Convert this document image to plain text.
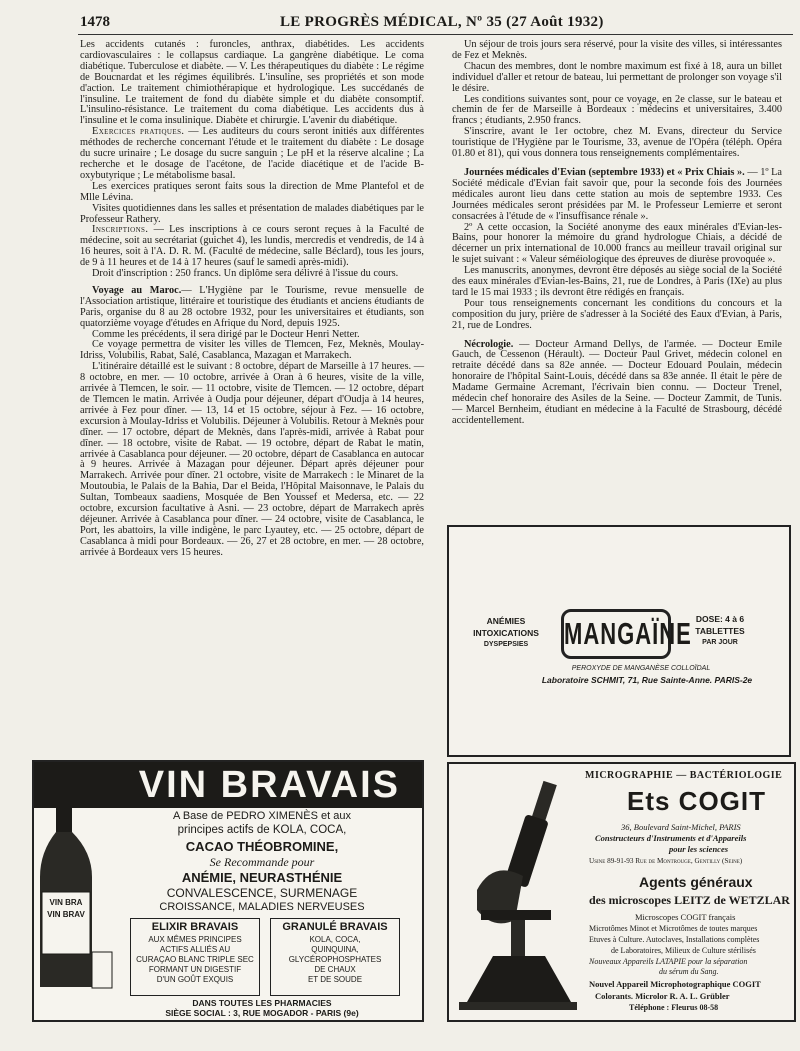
1478	LE PROGRÈS MÉDICAL, Nº 35 (27 Août 1932)

Les accidents cutanés : furoncles, anthrax, diabétides. Les accidents cardiovasculaires : le collapsus cardiaque. La gangrène diabétique. Le coma diabétique. Tuberculose et diabète. — V. Les thérapeutiques du diabète : Le régime de Boucnardat et les régimes équilibrés. L'insuline, ses propriétés et son mode d'action. Le traitement chimiothérapique et hydrologique. Les succédanés de l'insuline. Le traitement de fond du diabète simple et du diabète consomptif. L'insulino-résistance. Le traitement du coma diabétique. Les accidents dus à l'insuline et le coma insulinique. Diabète et chirurgie. L'avenir du diabétique.

Exercices pratiques. — Les auditeurs du cours seront initiés aux différentes méthodes de recherche concernant l'étude et le traitement du diabète : Le dosage du sucre urinaire ; Le dosage du sucre sanguin ; Le pH et la réserve alcaline ; La recherche et le dosage de l'acétone, de l'acide diacétique et de l'acide B-oxybutyrique ; Le métabolisme basal.

Les exercices pratiques seront faits sous la direction de Mme Plantefol et de Mlle Lévina.

Visites quotidiennes dans les salles et présentation de malades diabétiques par le Professeur Rathery.

Inscriptions. — Les inscriptions à ce cours seront reçues à la Faculté de médecine, soit au secrétariat (guichet 4), les lundis, mercredis et vendredis, de 14 à 16 heures, soit à l'A. D. R. M. (Faculté de médecine, salle Béclard), tous les jours, de 9 à 11 heures et de 14 à 17 heures (sauf le samedi après-midi).

Droit d'inscription : 250 francs. Un diplôme sera délivré à l'issue du cours.

Voyage au Maroc.— L'Hygiène par le Tourisme, revue mensuelle de l'Association artistique, littéraire et touristique des étudiants et anciens étudiants de Paris, organise du 8 au 28 octobre 1932, pour les universitaires et étudiants, son quatorzième voyage d'études en Afrique du Nord, depuis 1925.

Comme les précédents, il sera dirigé par le Docteur Henri Netter.

Ce voyage permettra de visiter les villes de Tlemcen, Fez, Meknès, Moulay-Idriss, Volubilis, Rabat, Salé, Casablanca, Mazagan et Marrakech.

L'itinéraire détaillé est le suivant : 8 octobre, départ de Marseille à 17 heures. — 8 octobre, en mer. — 10 octobre, arrivée à Oran à 6 heures, visite de la ville, arrivée à Tlemcen, le soir. — 11 octobre, visite de Tlemcen. — 12 octobre, départ de Tlemcen le matin. Arrivée à Oudja pour déjeuner, départ d'Oudja à 14 heures, arrivée à Fez pour dîner. — 13, 14 et 15 octobre, séjour à Fez. — 16 octobre, excursion à Moulay-Idriss et Volubilis. Déjeuner à Volubilis. Retour à Meknès pour dîner. — 17 octobre, départ de Meknès, dans l'après-midi, arrivée à Rabat pour dîner. — 18 octobre, visite de Rabat. — 19 octobre, départ de Rabat le matin, arrivée à Casablanca pour déjeuner. — 20 octobre, départ de Casablanca en autocar à 9 heures. Arrivée à Mazagan pour déjeuner. Départ après déjeuner pour Marrakech. Arrivée pour dîner. 21 octobre, visite de Marrakech : le Minaret de la Moutoubia, le Palais de la Bahia, Dar el Beida, l'Hôpital Maisonnave, le Palais du Sultan, Tombeaux saadiens, Mosquée de Ben Youssef et Medersa, etc. — 22 octobre, excursion facultative à Asni. — 23 octobre, départ de Marrakech après déjeuner. Arrivée à Casablanca pour dîner. — 24 octobre, visite de Casablanca, le Port, les abattoirs, la ville indigène, le parc Lyautey, etc. — 25 octobre, départ de Casablanca à midi pour Bordeaux. — 26, 27 et 28 octobre, en mer. — 28 octobre, arrivée à Bordeaux vers 15 heures.

Un séjour de trois jours sera réservé, pour la visite des villes, si intéressantes de Fez et Meknès.

Chacun des membres, dont le nombre maximum est fixé à 18, aura un billet individuel d'aller et retour de bateau, lui permettant de prolonger son voyage s'il le désire.

Les conditions suivantes sont, pour ce voyage, en 2e classe, sur le bateau et chemin de fer de Marseille à Bordeaux : médecins et universitaires, 3.400 francs ; étudiants, 2.950 francs.

S'inscrire, avant le 1er octobre, chez M. Evans, directeur du Service touristique de l'Hygiène par le Tourisme, 33, avenue de l'Opéra (téléph. Opéra 01.80 et 81), qui vous donnera tous renseignements complémentaires.

Journées médicales d'Evian (septembre 1933) et « Prix Chiais ». — 1º La Société médicale d'Evian fait savoir que, pour la seconde fois des Journées médicales auront lieu dans cette station au mois de septembre 1933. Ces Journées médicales seront présidées par M. le Professeur Lemierre et seront consacrées à l'étude de « l'insuffisance rénale ».

2º A cette occasion, la Société anonyme des eaux minérales d'Evian-les-Bains, pour honorer la mémoire du grand hydrologue Chiais, a décidé de décerner un prix international de 10.000 francs au meilleur travail original sur le sujet suivant : « Valeur séméiologique des épreuves de diurèse provoquée ».

Les manuscrits, anonymes, devront être déposés au siège social de la Société des eaux minérales d'Evian-les-Bains, 21, rue de Londres, à Paris (IXe) au plus tard le 15 mai 1933 ; ils devront être rédigés en français.

Pour tous renseignements concernant les conditions du concours et la composition du jury, prière de s'adresser à la Société des Eaux d'Evian, à Paris, 21, rue de Londres.

Nécrologie. — Docteur Armand Dellys, de l'armée. — Docteur Emile Gauch, de Cessenon (Hérault). — Docteur Paul Grivet, médecin colonel en retraite décédé dans sa 82e année. — Docteur Edouard Poulain, médecin honoraire de l'hôpital Saint-Louis, décédé dans sa 83e année. Il était le père de Madame Germaine Acremant, l'écrivain bien connu. — Docteur Trenel, médecin chef honoraire des Asiles de la Seine. — Docteur Zammit, de Tunis. — Marcel Bernheim, étudiant en médecine à la Faculté de Strasbourg, décédé accidentellement.

ANÉMIES
INTOXICATIONS
DYSPEPSIES	MANGAÏNE DOSE: 4 à 6
TABLETTES
PAR JOUR
PEROXYDE DE MANGANÈSE COLLOÏDAL
Laboratoire SCHMIT, 71, Rue Sainte-Anne. PARIS-2e
VIN BRAVAIS
VIN BRA
VIN BRAV
A Base de PEDRO XIMENÈS et aux
principes actifs de KOLA, COCA,
CACAO THÉOBROMINE,
Se Recommande pour
ANÉMIE, NEURASTHÉNIE
CONVALESCENCE, SURMENAGE
CROISSANCE, MALADIES NERVEUSES
ELIXIR BRAVAIS
AUX MÊMES PRINCIPES
ACTIFS ALLIÉS AU
CURAÇAO BLANC TRIPLE SEC
FORMANT UN DIGESTIF
D'UN GOÛT EXQUIS
GRANULÉ BRAVAIS
KOLA, COCA,
QUINQUINA,
GLYCÉROPHOSPHATES
DE CHAUX
ET DE SOUDE
DANS TOUTES LES PHARMACIES
SIÈGE SOCIAL : 3, RUE MOGADOR - PARIS (9e)
MICROGRAPHIE — BACTÉRIOLOGIE
Ets COGIT
36, Boulevard Saint-Michel, PARIS
Constructeurs d'Instruments et d'Appareils
pour les sciences
Usine 89-91-93 Rue de Montrouge, Gentilly (Seine)
Agents généraux
des microscopes LEITZ de WETZLAR
Microscopes COGIT français
Microtômes Minot et Microtômes de toutes marques
Etuves à Culture. Autoclaves, Installations complètes
de Laboratoires, Milieux de Culture stérilisés
Nouveaux Appareils LATAPIE pour la séparation
du sérum du Sang.
Nouvel Appareil Microphotographique COGIT
Colorants. Microlor R. A. L. Grübler
Téléphone : Fleurus 08-58
